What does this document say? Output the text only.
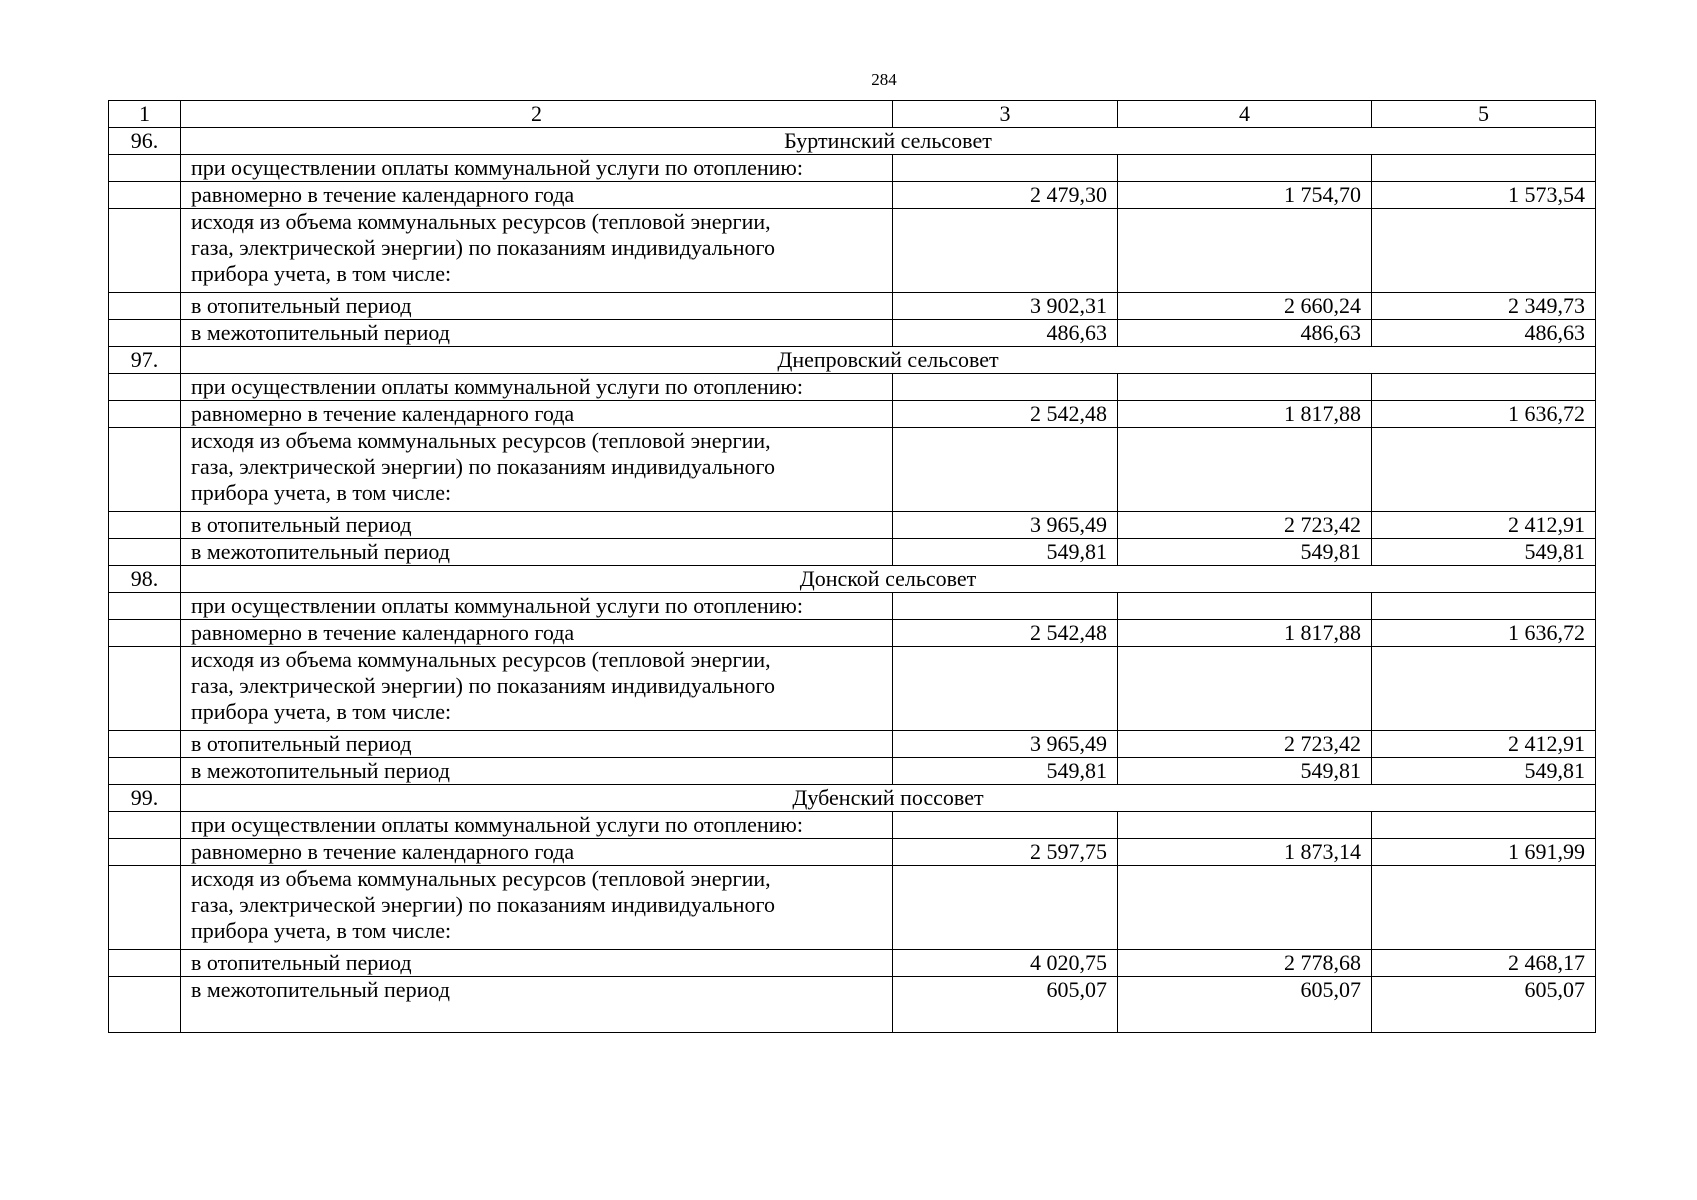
284
1	2	3	4	5
96.	Буртинский сельсовет			
	при осуществлении оплаты коммунальной услуги по отоплению:			
	равномерно в течение календарного года	2 479,30	1 754,70	1 573,54

	исходя из объема коммунальных ресурсов (тепловой энергии,
газа, электрической энергии) по показаниям индивидуального
прибора учета, в том числе:			

	в отопительный период	3 902,31	2 660,24	2 349,73
	в межотопительный период	486,63	486,63	486,63
97.	Днепровский сельсовет			
	при осуществлении оплаты коммунальной услуги по отоплению:			
	равномерно в течение календарного года	2 542,48	1 817,88	1 636,72

	исходя из объема коммунальных ресурсов (тепловой энергии,
газа, электрической энергии) по показаниям индивидуального
прибора учета, в том числе:			

	в отопительный период	3 965,49	2 723,42	2 412,91
	в межотопительный период	549,81	549,81	549,81
98.	Донской сельсовет			
	при осуществлении оплаты коммунальной услуги по отоплению:			
	равномерно в течение календарного года	2 542,48	1 817,88	1 636,72

	исходя из объема коммунальных ресурсов (тепловой энергии,
газа, электрической энергии) по показаниям индивидуального
прибора учета, в том числе:			

	в отопительный период	3 965,49	2 723,42	2 412,91
	в межотопительный период	549,81	549,81	549,81
99.	Дубенский поссовет			
	при осуществлении оплаты коммунальной услуги по отоплению:			
	равномерно в течение календарного года	2 597,75	1 873,14	1 691,99

	исходя из объема коммунальных ресурсов (тепловой энергии,
газа, электрической энергии) по показаниям индивидуального
прибора учета, в том числе:			

	в отопительный период	4 020,75	2 778,68	2 468,17
	в межотопительный период	605,07	605,07	605,07
